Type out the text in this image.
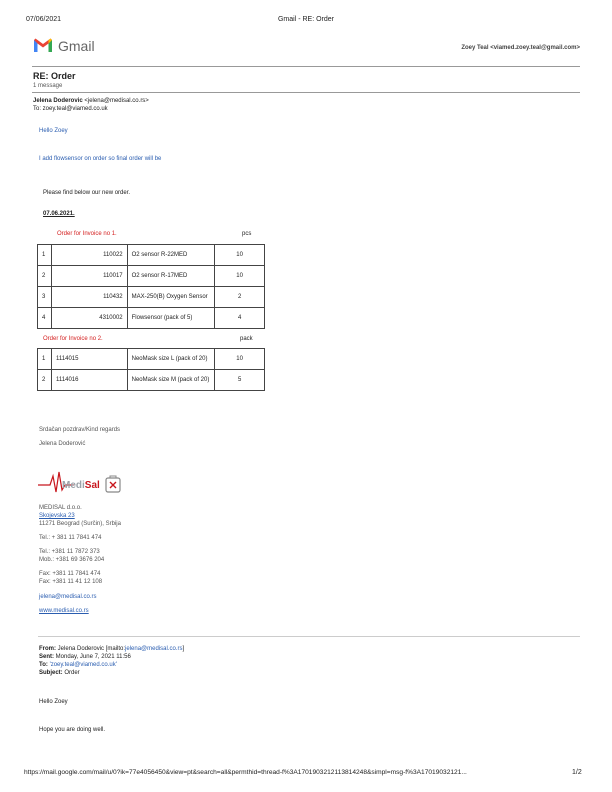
07/06/2021	Gmail - RE: Order
Gmail	Zoey Teal <viamed.zoey.teal@gmail.com>
RE: Order
1 message
Jelena Doderovic <jelena@medisal.co.rs>
To: zoey.teal@viamed.co.uk
Hello Zoey
I add flowsensor on order so final order will be
Please find below our new order.
07.06.2021.
Order for Invoice no 1.	pcs
1	110022	O2 sensor R-22MED	10
2	110017	O2 sensor R-17MED	10
3	110432	MAX-250(B) Oxygen Sensor	2
4	4310002	Flowsensor (pack of 5)	4
Order for Invoice no 2.	pack
1	1114015	NeoMask size L (pack of 20)	10
2	1114016	NeoMask size M (pack of 20)	5
Srdačan pozdrav/Kind regards
Jelena Doderović
MediSal
MEDISAL d.o.o.
Skojevska 23
11271 Beograd (Surčin), Srbija
Tel.: + 381 11 7841 474
Tel.: +381 11 7872 373
Mob.: +381 69 3676 204
Fax: +381 11 7841 474
Fax: +381 11 41 12 108
jelena@medisal.co.rs
www.medisal.co.rs
From: Jelena Doderovic [mailto:jelena@medisal.co.rs]
Sent: Monday, June 7, 2021 11:56
To: 'zoey.teal@viamed.co.uk'
Subject: Order
Hello Zoey
Hope you are doing well.
https://mail.google.com/mail/u/0?ik=77e4056450&view=pt&search=all&permthid=thread-f%3A1701903212113814248&simpl=msg-f%3A17019032121...	1/2
